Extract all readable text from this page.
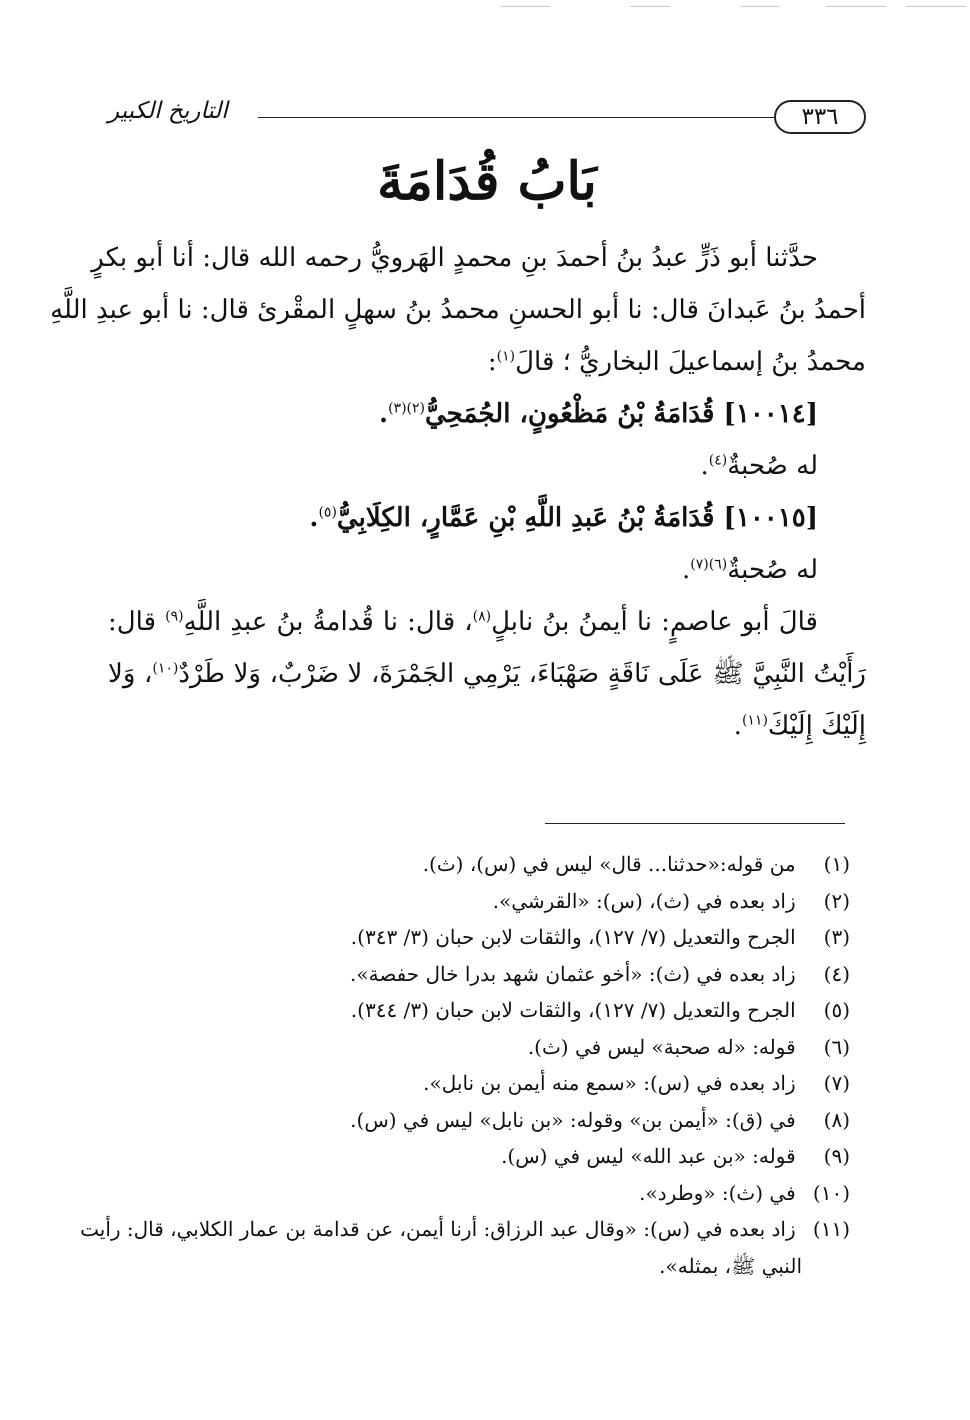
٣٣٦
التاريخ الكبير
بَابُ قُدَامَةَ
حدَّثنا أبو ذَرٍّ عبدُ بنُ أحمدَ بنِ محمدٍ الهَرويُّ رحمه الله قال: أنا أبو بكرٍ
أحمدُ بنُ عَبدانَ قال: نا أبو الحسنِ محمدُ بنُ سهلٍ المقْرئ قال: نا أبو عبدِ اللَّهِ
محمدُ بنُ إسماعيلَ البخاريُّ ؛ قالَ$^{(١)}$:
[١٠٠١٤] قُدَامَةُ بْنُ مَظْعُونٍ، الجُمَحِيُّ$^{(٢)(٣)}$.
له صُحبةٌ$^{(٤)}$.
[١٠٠١٥] قُدَامَةُ بْنُ عَبدِ اللَّهِ بْنِ عَمَّارٍ، الكِلَابِيُّ$^{(٥)}$.
له صُحبةٌ$^{(٦)(٧)}$.
قالَ أبو عاصمٍ: نا أيمنُ بنُ نابلٍ$^{(٨)}$، قال: نا قُدامةُ بنُ عبدِ اللَّهِ$^{(٩)}$ قال:
رَأَيْتُ النَّبِيَّ ﷺ عَلَى نَاقَةٍ صَهْبَاءَ، يَرْمِي الجَمْرَةَ، لا ضَرْبٌ، وَلا طَرْدٌ$^{(١٠)}$، وَلا
إِلَيْكَ إِلَيْكَ$^{(١١)}$.
(١) من قوله:«حدثنا... قال» ليس في (س)، (ث).
(٢) زاد بعده في (ث)، (س): «القرشي».
(٣) الجرح والتعديل (٧/ ١٢٧)، والثقات لابن حبان (٣/ ٣٤٣).
(٤) زاد بعده في (ث): «أخو عثمان شهد بدرا خال حفصة».
(٥) الجرح والتعديل (٧/ ١٢٧)، والثقات لابن حبان (٣/ ٣٤٤).
(٦) قوله: «له صحبة» ليس في (ث).
(٧) زاد بعده في (س): «سمع منه أيمن بن نابل».
(٨) في (ق): «أيمن بن» وقوله: «بن نابل» ليس في (س).
(٩) قوله: «بن عبد الله» ليس في (س).
(١٠) في (ث): «وطرد».
(١١) زاد بعده في (س): «وقال عبد الرزاق: أرنا أيمن، عن قدامة بن عمار الكلابي، قال: رأيت
النبي ﷺ، بمثله».
